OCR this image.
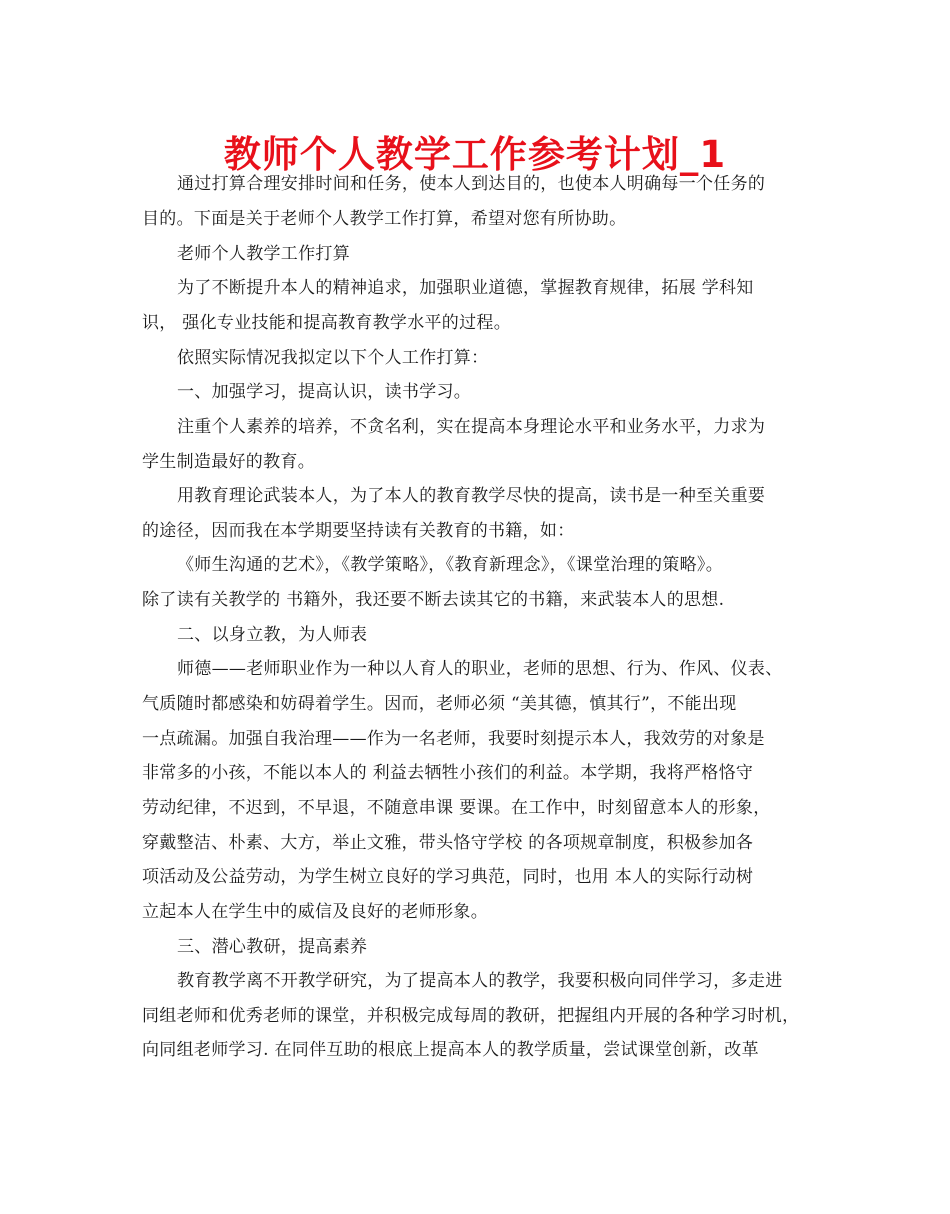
教师个人教学工作参考计划_1
通过打算合理安排时间和任务，使本人到达目的，也使本人明确每一个任务的
目的。下面是关于老师个人教学工作打算，希望对您有所协助。
老师个人教学工作打算
为了不断提升本人的精神追求，加强职业道德，掌握教育规律，拓展 学科知
识， 强化专业技能和提高教育教学水平的过程。
依照实际情况我拟定以下个人工作打算：
一、加强学习，提高认识，读书学习。
注重个人素养的培养，不贪名利，实在提高本身理论水平和业务水平，力求为
学生制造最好的教育。
用教育理论武装本人，为了本人的教育教学尽快的提高，读书是一种至关重要
的途径，因而我在本学期要坚持读有关教育的书籍，如：
《师生沟通的艺术》，《教学策略》，《教育新理念》，《课堂治理的策略》。
除了读有关教学的 书籍外，我还要不断去读其它的书籍，来武装本人的思想.
二、以身立教，为人师表
师德——老师职业作为一种以人育人的职业，老师的思想、行为、作风、仪表、
气质随时都感染和妨碍着学生。因而，老师必须 “美其德，慎其行”，不能出现
一点疏漏。加强自我治理——作为一名老师，我要时刻提示本人，我效劳的对象是
非常多的小孩，不能以本人的 利益去牺牲小孩们的利益。本学期，我将严格恪守
劳动纪律，不迟到，不早退，不随意串课 要课。在工作中，时刻留意本人的形象，
穿戴整洁、朴素、大方，举止文雅，带头恪守学校 的各项规章制度，积极参加各
项活动及公益劳动，为学生树立良好的学习典范，同时，也用 本人的实际行动树
立起本人在学生中的威信及良好的老师形象。
三、潜心教研，提高素养
教育教学离不开教学研究，为了提高本人的教学，我要积极向同伴学习，多走进
同组老师和优秀老师的课堂，并积极完成每周的教研，把握组内开展的各种学习时机，
向同组老师学习. 在同伴互助的根底上提高本人的教学质量，尝试课堂创新，改革
